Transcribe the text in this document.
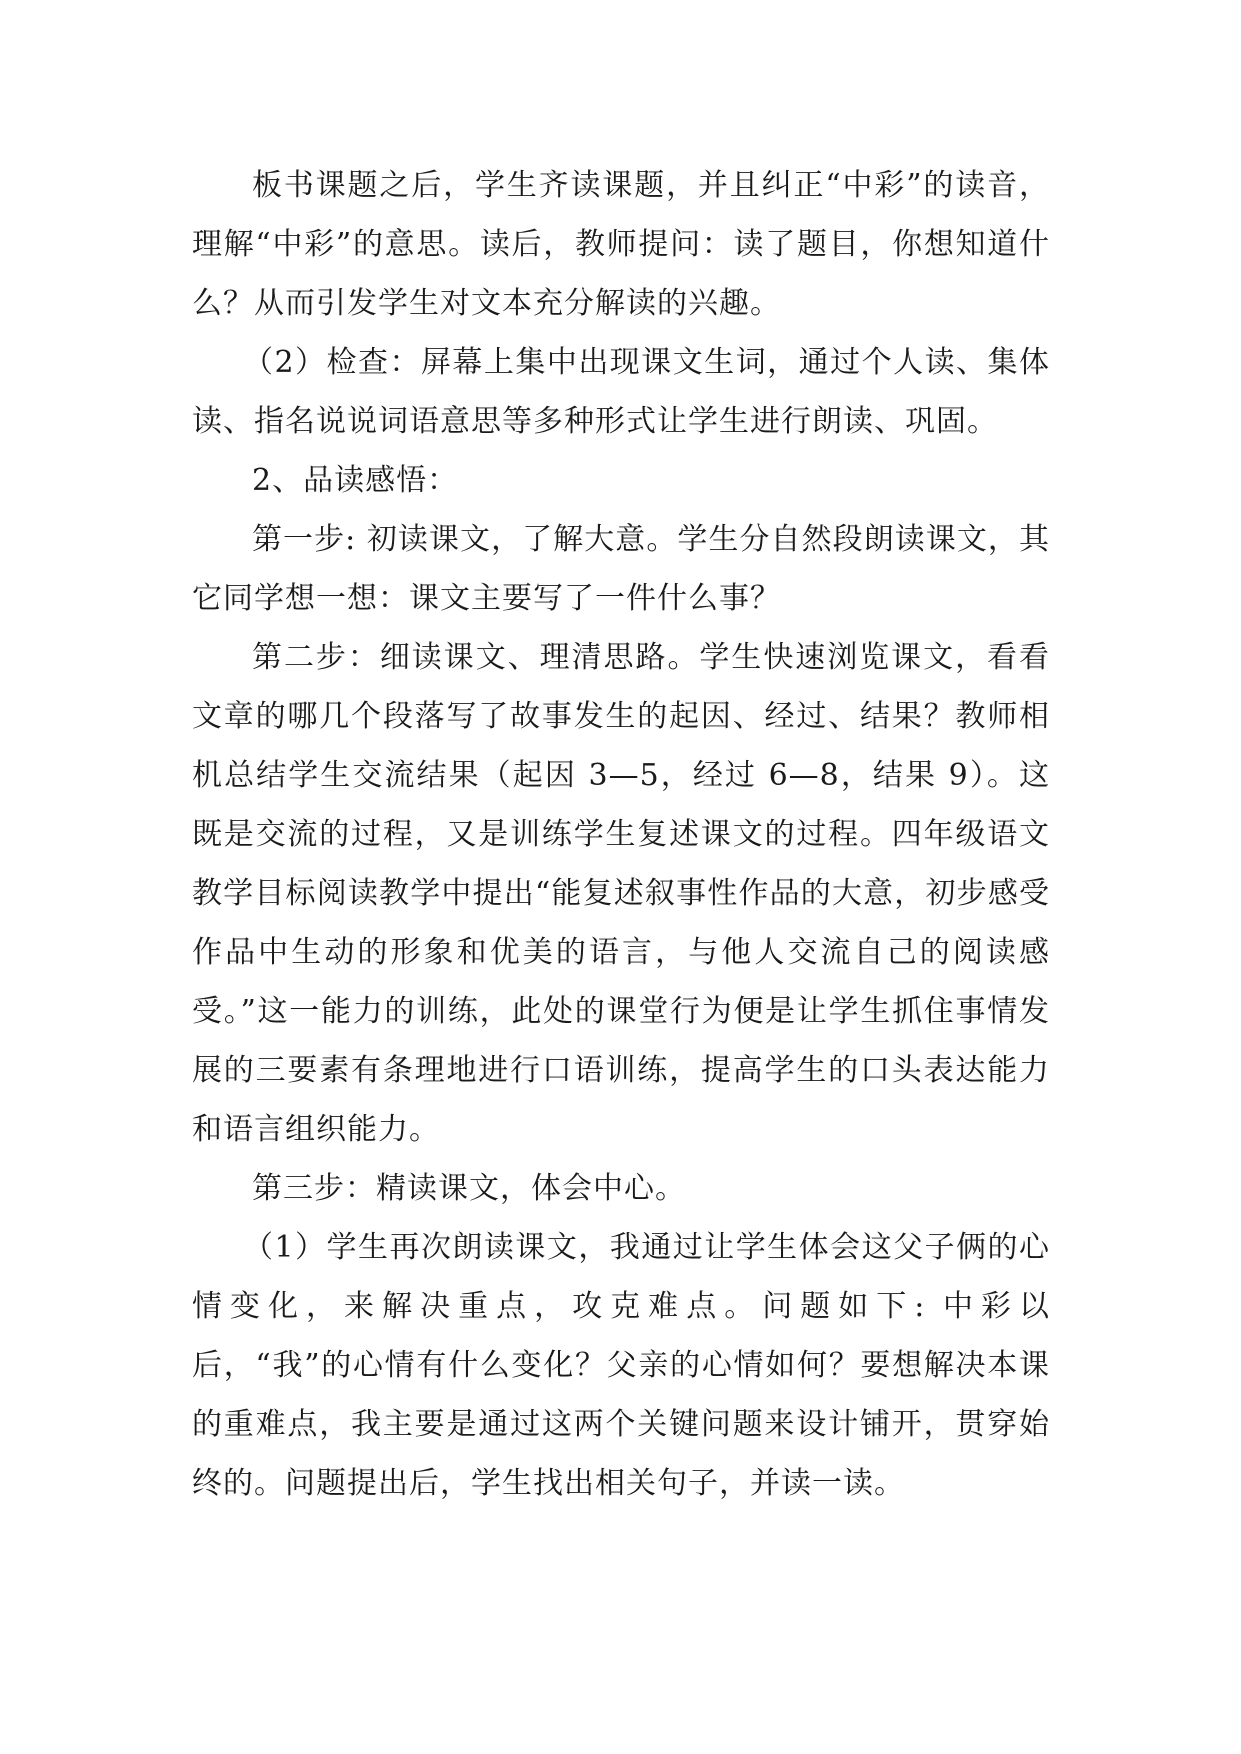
板书课题之后，学生齐读课题，并且纠正“中彩”的读音，理解“中彩”的意思。读后，教师提问：读了题目，你想知道什么？从而引发学生对文本充分解读的兴趣。

（2）检查：屏幕上集中出现课文生词，通过个人读、集体读、指名说说词语意思等多种形式让学生进行朗读、巩固。

2、品读感悟：

第一步: 初读课文，了解大意。学生分自然段朗读课文，其它同学想一想：课文主要写了一件什么事？

第二步：细读课文、理清思路。学生快速浏览课文，看看文章的哪几个段落写了故事发生的起因、经过、结果？教师相机总结学生交流结果（起因 3—5，经过 6—8，结果 9）。这既是交流的过程，又是训练学生复述课文的过程。四年级语文教学目标阅读教学中提出“能复述叙事性作品的大意，初步感受作品中生动的形象和优美的语言，与他人交流自己的阅读感受。”这一能力的训练，此处的课堂行为便是让学生抓住事情发展的三要素有条理地进行口语训练，提高学生的口头表达能力和语言组织能力。

第三步：精读课文，体会中心。

（1）学生再次朗读课文，我通过让学生体会这父子俩的心情变化，来解决重点，攻克难点。问题如下: 中彩以后，“我”的心情有什么变化？父亲的心情如何？要想解决本课的重难点，我主要是通过这两个关键问题来设计铺开，贯穿始终的。问题提出后，学生找出相关句子，并读一读。
